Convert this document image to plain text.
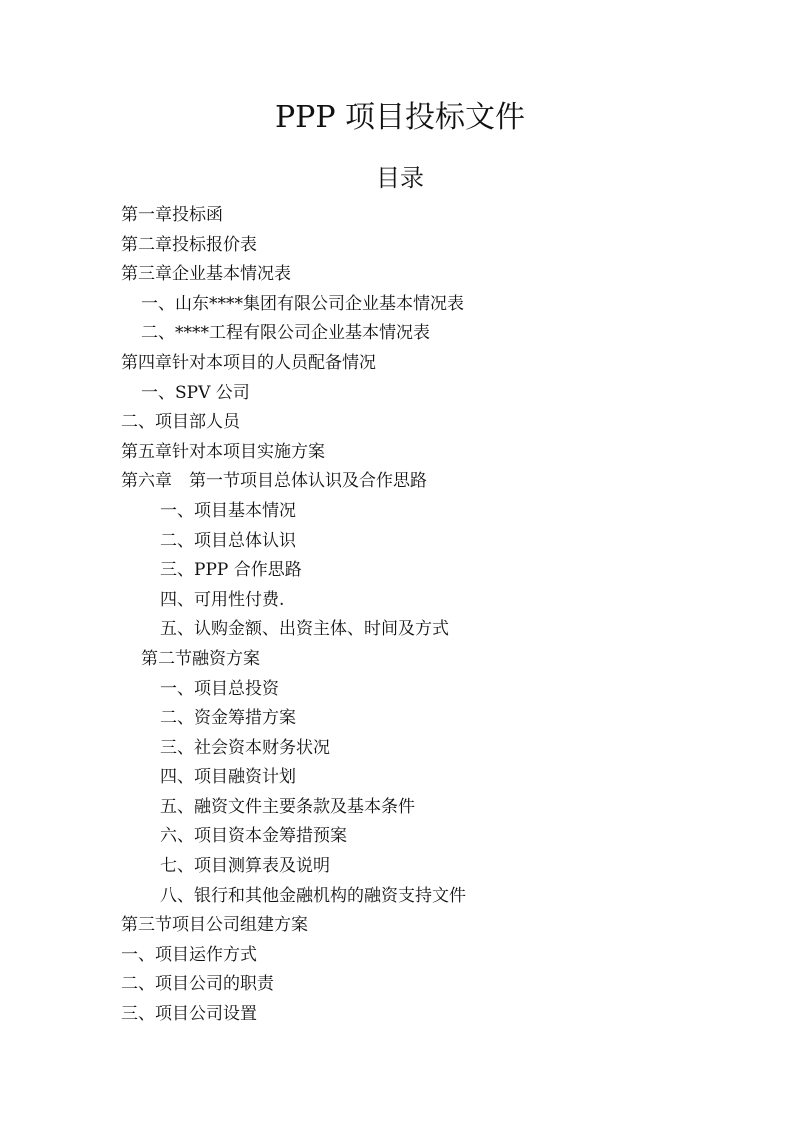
PPP 项目投标文件
目录
第一章投标函
第二章投标报价表
第三章企业基本情况表
一、山东****集团有限公司企业基本情况表
二、****工程有限公司企业基本情况表
第四章针对本项目的人员配备情况
一、SPV 公司
二、项目部人员
第五章针对本项目实施方案
第六章　第一节项目总体认识及合作思路
一、项目基本情况
二、项目总体认识
三、PPP 合作思路
四、可用性付费.
五、认购金额、出资主体、时间及方式
第二节融资方案
一、项目总投资
二、资金筹措方案
三、社会资本财务状况
四、项目融资计划
五、融资文件主要条款及基本条件
六、项目资本金筹措预案
七、项目测算表及说明
八、银行和其他金融机构的融资支持文件
第三节项目公司组建方案
一、项目运作方式
二、项目公司的职责
三、项目公司设置
